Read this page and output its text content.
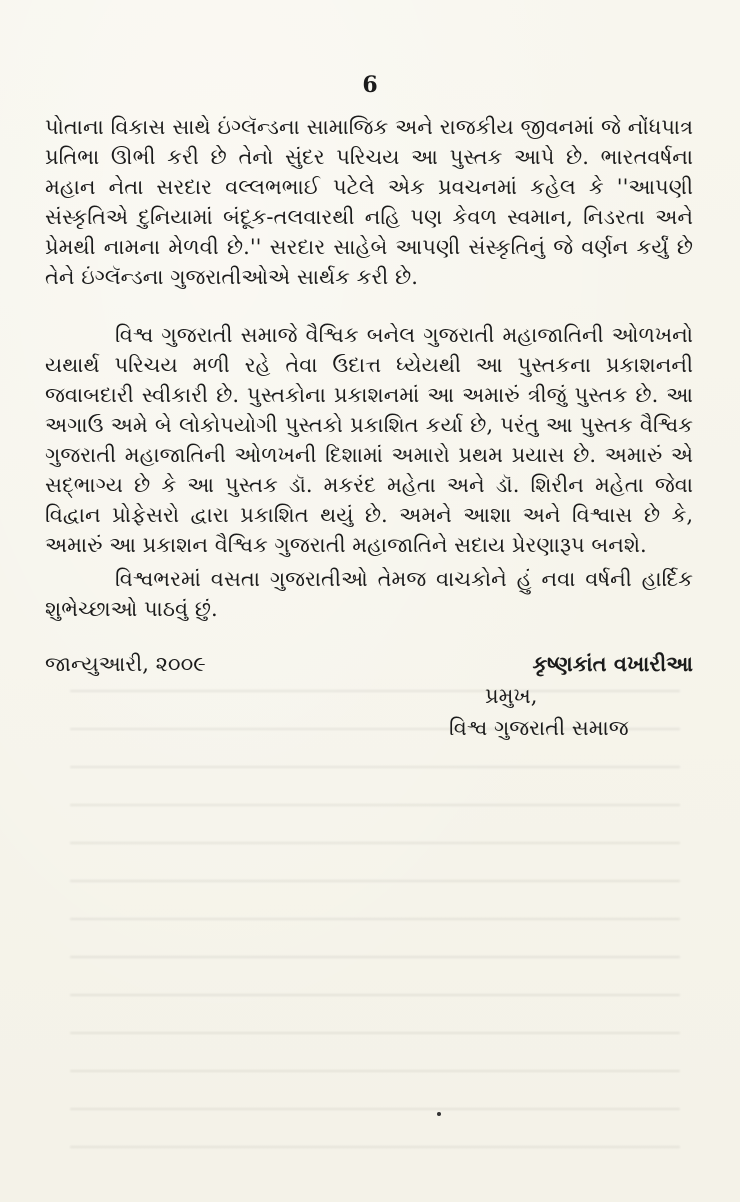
6

પોતાના વિકાસ સાથે ઇંગ્લૅન્ડના સામાજિક અને રાજકીય જીવનમાં જે નોંધપાત્ર પ્રતિભા ઊભી કરી છે તેનો સુંદર પરિચય આ પુસ્તક આપે છે. ભારતવર્ષના મહાન નેતા સરદાર વલ્લભભાઈ પટેલે એક પ્રવચનમાં કહેલ કે ''આપણી સંસ્કૃતિએ દુનિયામાં બંદૂક-તલવારથી નહિ પણ કેવળ સ્વમાન, નિડરતા અને પ્રેમથી નામના મેળવી છે.'' સરદાર સાહેબે આપણી સંસ્કૃતિનું જે વર્ણન કર્યું છે તેને ઇંગ્લૅન્ડના ગુજરાતીઓએ સાર્થક કરી છે.

વિશ્વ ગુજરાતી સમાજે વૈશ્વિક બનેલ ગુજરાતી મહાજાતિની ઓળખનો યથાર્થ પરિચય મળી રહે તેવા ઉદાત્ત ધ્યેયથી આ પુસ્તકના પ્રકાશનની જવાબદારી સ્વીકારી છે. પુસ્તકોના પ્રકાશનમાં આ અમારું ત્રીજું પુસ્તક છે. આ અગાઉ અમે બે લોકોપયોગી પુસ્તકો પ્રકાશિત કર્યા છે, પરંતુ આ પુસ્તક વૈશ્વિક ગુજરાતી મહાજાતિની ઓળખની દિશામાં અમારો પ્રથમ પ્રયાસ છે. અમારું એ સદ્ભાગ્ય છે કે આ પુસ્તક ડૉ. મકરંદ મહેતા અને ડૉ. શિરીન મહેતા જેવા વિદ્વાન પ્રોફેસરો દ્વારા પ્રકાશિત થયું છે. અમને આશા અને વિશ્વાસ છે કે, અમારું આ પ્રકાશન વૈશ્વિક ગુજરાતી મહાજાતિને સદાય પ્રેરણારૂપ બનશે.

વિશ્વભરમાં વસતા ગુજરાતીઓ તેમજ વાચકોને હું નવા વર્ષની હાર્દિક શુભેચ્છાઓ પાઠવું છું.

જાન્યુઆરી, ૨૦૦૯	કૃષ્ણકાંત વખારીઆ
પ્રમુખ,
વિશ્વ ગુજરાતી સમાજ
